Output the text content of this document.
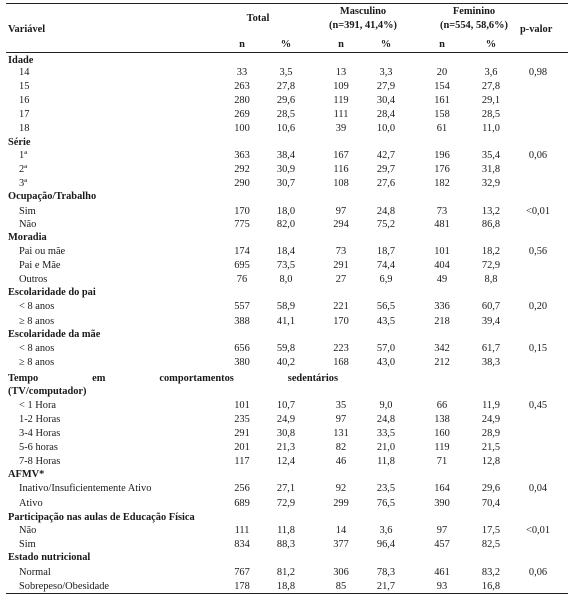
Variável
Total
Masculino
(n=391, 41,4%)
Feminino
(n=554, 58,6%)	p-valor
n	%	n	%	n	%
Idade
14	33	3,5	13	3,3	20	3,6	0,98
15	263	27,8	109	27,9	154	27,8
16	280	29,6	119	30,4	161	29,1
17	269	28,5	111	28,4	158	28,5
18	100	10,6	39	10,0	61	11,0
Série
1ª	363	38,4	167	42,7	196	35,4	0,06
2ª	292	30,9	116	29,7	176	31,8
3ª	290	30,7	108	27,6	182	32,9
Ocupação/Trabalho
Sim	170	18,0	97	24,8	73	13,2	<0,01
Não	775	82,0	294	75,2	481	86,8
Moradia
Pai ou mãe	174	18,4	73	18,7	101	18,2	0,56
Pai e Mãe	695	73,5	291	74,4	404	72,9
Outros	76	8,0	27	6,9	49	8,8
Escolaridade do pai
< 8 anos	557	58,9	221	56,5	336	60,7	0,20
≥ 8 anos	388	41,1	170	43,5	218	39,4
Escolaridade da mãe
< 8 anos	656	59,8	223	57,0	342	61,7	0,15
≥ 8 anos	380	40,2	168	43,0	212	38,3
Tempo em comportamentos sedentários
(TV/computador)
< 1 Hora	101	10,7	35	9,0	66	11,9	0,45
1-2 Horas	235	24,9	97	24,8	138	24,9
3-4 Horas	291	30,8	131	33,5	160	28,9
5-6 horas	201	21,3	82	21,0	119	21,5
7-8 Horas	117	12,4	46	11,8	71	12,8
AFMV*
Inativo/Insuficientemente Ativo	256	27,1	92	23,5	164	29,6	0,04
Ativo	689	72,9	299	76,5	390	70,4
Participação nas aulas de Educação Física
Não	111	11,8	14	3,6	97	17,5	<0,01
Sim	834	88,3	377	96,4	457	82,5
Estado nutricional
Normal	767	81,2	306	78,3	461	83,2	0,06
Sobrepeso/Obesidade	178	18,8	85	21,7	93	16,8
